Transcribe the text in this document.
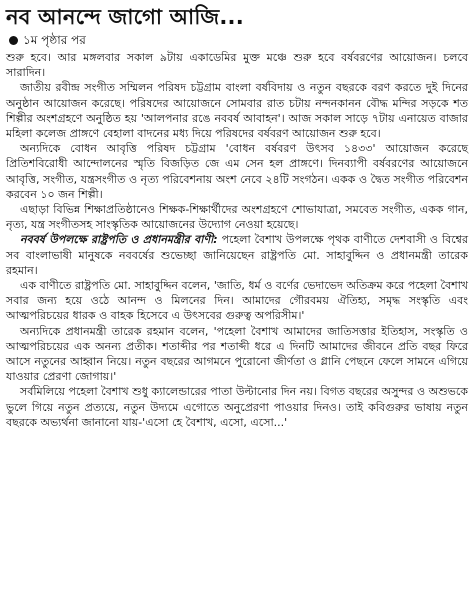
নব আনন্দে জাগো আজি...
১ম পৃষ্ঠার পর

শুরু হবে। আর মঙ্গলবার সকাল ৯টায় একাডেমির মুক্ত মঞ্চে শুরু হবে বর্ষবরণের আয়োজন। চলবে সারাদিন।

জাতীয় রবীন্দ্র সংগীত সম্মিলন পরিষদ চট্টগ্রাম বাংলা বর্ষবিদায় ও নতুন বছরকে বরণ করতে দুই দিনের অনুষ্ঠান আয়োজন করেছে। পরিষদের আয়োজনে সোমবার রাত চটায় নন্দনকানন বৌদ্ধ মন্দির সড়কে শত শিল্পীর অংশগ্রহণে অনুষ্ঠিত হয় 'আলপনার রঙে নববর্ষ আবাহন'। আজ সকাল সাড়ে ৭টায় এনায়েত বাজার মহিলা কলেজ প্রাঙ্গণে বেহালা বাদনের মধ্য দিয়ে পরিষদের বর্ষবরণ আয়োজন শুরু হবে।

অন্যদিকে বোধন আবৃত্তি পরিষদ চট্টগ্রাম 'বোধন বর্ষবরণ উৎসব ১৪৩৩' আয়োজন করেছে প্রিতিশবিরোধী আন্দোলনের স্মৃতি বিজড়িত জে এম সেন হল প্রাঙ্গণে। দিনব্যাপী বর্ষবরণের আয়োজনে আবৃত্তি, সংগীত, যন্ত্রসংগীত ও নৃত্য পরিবেশনায় অংশ নেবে ২৪টি সংগঠন। একক ও দ্বৈত সংগীত পরিবেশন করবেন ১০ জন শিল্পী।

এছাড়া বিভিন্ন শিক্ষাপ্রতিষ্ঠানেও শিক্ষক-শিক্ষার্থীদের অংশগ্রহণে শোভাযাত্রা, সমবেত সংগীত, একক গান, নৃত্য, যন্ত্র সংগীতসহ সাংস্কৃতিক আয়োজনের উদ্যোগ নেওয়া হয়েছে।

নববর্ষ উপলক্ষে রাষ্ট্রপতি ও প্রধানমন্ত্রীর বাণী: পহেলা বৈশাখ উপলক্ষে পৃথক বাণীতে দেশবাসী ও বিশ্বের সব বাংলাভাষী মানুষকে নববর্ষের শুভেচ্ছা জানিয়েছেন রাষ্ট্রপতি মো. সাহাবুদ্দিন ও প্রধানমন্ত্রী তারেক রহমান।

এক বাণীতে রাষ্ট্রপতি মো. সাহাবুদ্দিন বলেন, 'জাতি, ধর্ম ও বর্ণের ভেদাভেদ অতিক্রম করে পহেলা বৈশাখ সবার জন্য হয়ে ওঠে আনন্দ ও মিলনের দিন। আমাদের গৌরবময় ঐতিহ্য, সমৃদ্ধ সংস্কৃতি এবং আত্মপরিচয়ের ধারক ও বাহক হিসেবে এ উৎসবের গুরুত্ব অপরিসীম।'

অন্যদিকে প্রধানমন্ত্রী তারেক রহমান বলেন, 'পহেলা বৈশাখ আমাদের জাতিসত্তার ইতিহাস, সংস্কৃতি ও আত্মপরিচয়ের এক অনন্য প্রতীক। শতাব্দীর পর শতাব্দী ধরে এ দিনটি আমাদের জীবনে প্রতি বছর ফিরে আসে নতুনের আহ্বান নিয়ে। নতুন বছরের আগমনে পুরোনো জীর্ণতা ও গ্লানি পেছনে ফেলে সামনে এগিয়ে যাওয়ার প্রেরণা জোগায়।'

সর্বমিলিয়ে পহেলা বৈশাখ শুধু ক্যালেন্ডারের পাতা উল্টানোর দিন নয়। বিগত বছরের অসুন্দর ও অশুভকে ভুলে গিয়ে নতুন প্রত্যয়ে, নতুন উদ্যমে এগোতে অনুপ্রেরণা পাওয়ার দিনও। তাই কবিগুরুর ভাষায় নতুন বছরকে অভ্যর্থনা জানানো যায়-'এসো হে বৈশাখ, এসো, এসো...'
